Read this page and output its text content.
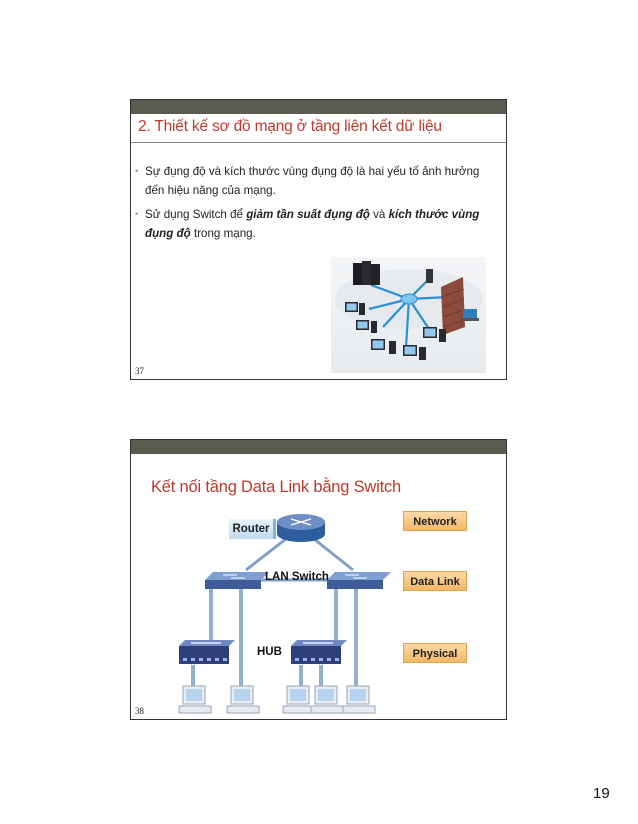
2. Thiết kế sơ đồ mạng ở tầng liên kết dữ liệu
• Sự đụng độ và kích thước vùng đụng độ là hai yếu tố ảnh hưởng đến hiệu năng của mạng.
• Sử dụng Switch để giảm tần suất đụng độ và kích thước vùng đụng độ trong mạng.
37
Kết nối tầng Data Link bằng Switch
Router
LAN Switch
HUB
Network
Data Link
Physical
38
19
